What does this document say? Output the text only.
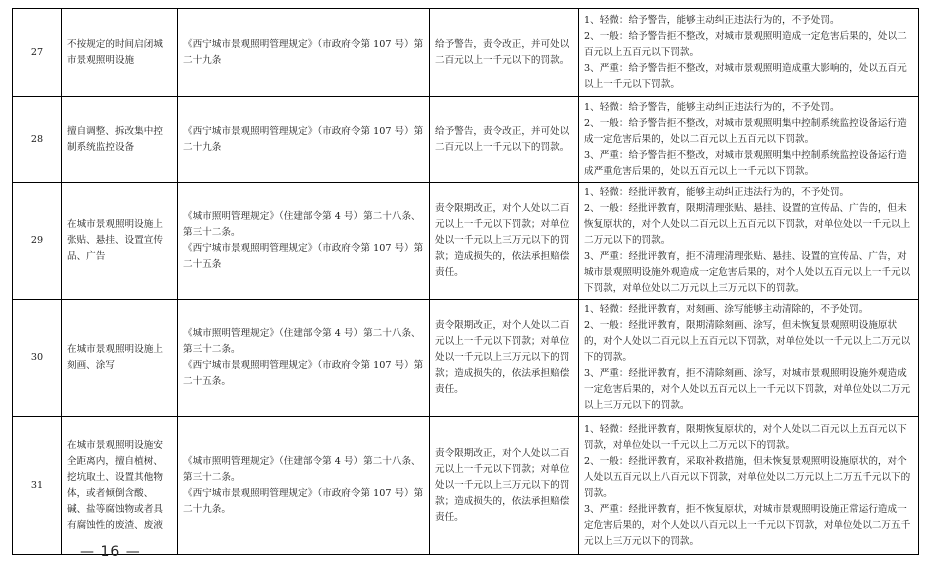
27	不按规定的时间启闭城市景观照明设施	《西宁城市景观照明管理规定》（市政府令第 107 号）第二十九条	给予警告，责令改正，并可处以二百元以上一千元以下的罚款。	1、轻微：给予警告，能够主动纠正违法行为的，不予处罚。
2、一般：给予警告拒不整改，对城市景观照明造成一定危害后果的，处以二百元以上五百元以下罚款。
3、严重：给予警告拒不整改，对城市景观照明造成重大影响的，处以五百元以上一千元以下罚款。

28	擅自调整、拆改集中控制系统监控设备	《西宁城市景观照明管理规定》（市政府令第 107 号）第二十九条	给予警告，责令改正，并可处以二百元以上一千元以下的罚款。	1、轻微：给予警告，能够主动纠正违法行为的，不予处罚。
2、一般：给予警告拒不整改，对城市景观照明集中控制系统监控设备运行造成一定危害后果的，处以二百元以上五百元以下罚款。
3、严重：给予警告拒不整改，对城市景观照明集中控制系统监控设备运行造成严重危害后果的，处以五百元以上一千元以下罚款。

29	在城市景观照明设施上张贴、悬挂、设置宣传品、广告	《城市照明管理规定》（住建部令第 4 号）第二十八条、第三十二条。
《西宁城市景观照明管理规定》（市政府令第 107 号）第二十五条	责令限期改正，对个人处以二百元以上一千元以下罚款；对单位处以一千元以上三万元以下的罚款；造成损失的，依法承担赔偿责任。	1、轻微：经批评教育，能够主动纠正违法行为的，不予处罚。
2、一般：经批评教育，限期清理张贴、悬挂、设置的宣传品、广告的，但未恢复原状的，对个人处以二百元以上五百元以下罚款，对单位处以一千元以上二万元以下的罚款。
3、严重：经批评教育，拒不清理清理张贴、悬挂、设置的宣传品、广告，对城市景观照明设施外观造成一定危害后果的，对个人处以五百元以上一千元以下罚款，对单位处以二万元以上三万元以下的罚款。

30	在城市景观照明设施上刻画、涂写	《城市照明管理规定》（住建部令第 4 号）第二十八条、第三十二条。
《西宁城市景观照明管理规定》（市政府令第 107 号）第二十五条。	责令限期改正，对个人处以二百元以上一千元以下罚款；对单位处以一千元以上三万元以下的罚款；造成损失的，依法承担赔偿责任。	1、轻微：经批评教育，对刻画、涂写能够主动清除的，不予处罚。
2、一般：经批评教育，限期清除刻画、涂写，但未恢复景观照明设施原状的，对个人处以二百元以上五百元以下罚款，对单位处以一千元以上二万元以下的罚款。
3、严重：经批评教育，拒不清除刻画、涂写，对城市景观照明设施外观造成一定危害后果的，对个人处以五百元以上一千元以下罚款，对单位处以二万元以上三万元以下的罚款。

31	在城市景观照明设施安全距离内，擅自植树、挖坑取土、设置其他物体，或者倾倒含酸、碱、盐等腐蚀物或者具有腐蚀性的废渣、废液	《城市照明管理规定》（住建部令第 4 号）第二十八条、第三十二条。
《西宁城市景观照明管理规定》（市政府令第 107 号）第二十九条。	责令限期改正，对个人处以二百元以上一千元以下罚款；对单位处以一千元以上三万元以下的罚款；造成损失的，依法承担赔偿责任。	1、轻微：经批评教育，限期恢复原状的，对个人处以二百元以上五百元以下罚款，对单位处以一千元以上二万元以下的罚款。
2、一般：经批评教育，采取补救措施，但未恢复景观照明设施原状的，对个人处以五百元以上八百元以下罚款，对单位处以二万元以上二万五千元以下的罚款。
3、严重：经批评教育，拒不恢复原状，对城市景观照明设施正常运行造成一定危害后果的，对个人处以八百元以上一千元以下罚款，对单位处以二万五千元以上三万元以下的罚款。
— 16 —
